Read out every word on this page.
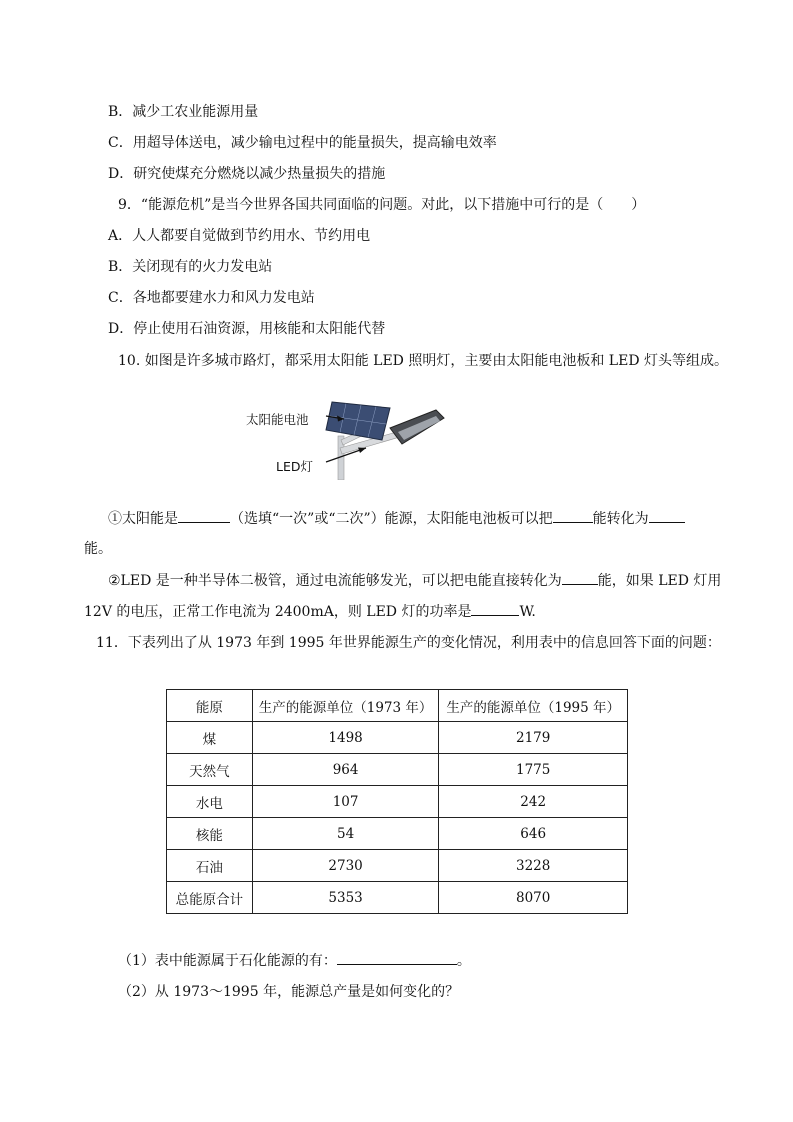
B．减少工农业能源用量
C．用超导体送电，减少输电过程中的能量损失，提高输电效率
D．研究使煤充分燃烧以减少热量损失的措施
9．“能源危机”是当今世界各国共同面临的问题。对此，以下措施中可行的是（　　）
A．人人都要自觉做到节约用水、节约用电
B．关闭现有的火力发电站
C．各地都要建水力和风力发电站
D．停止使用石油资源，用核能和太阳能代替
10. 如图是许多城市路灯，都采用太阳能 LED 照明灯，主要由太阳能电池板和 LED 灯头等组成。
太阳能电池
LED灯
①太阳能是	（选填“一次”或“二次”）能源，太阳能电池板可以把	能转化为
能。
②LED 是一种半导体二极管，通过电流能够发光，可以把电能直接转化为	能，如果 LED 灯用
12V 的电压，正常工作电流为 2400mA，则 LED 灯的功率是	W.
11．下表列出了从 1973 年到 1995 年世界能源生产的变化情况，利用表中的信息回答下面的问题：
能原	生产的能源单位（1973 年）	生产的能源单位（1995 年）
煤	1498	2179
天然气	964	1775
水电	107	242
核能	54	646
石油	2730	3228
总能原合计	5353	8070
（1）表中能源属于石化能源的有：	。
（2）从 1973～1995 年，能源总产量是如何变化的？
